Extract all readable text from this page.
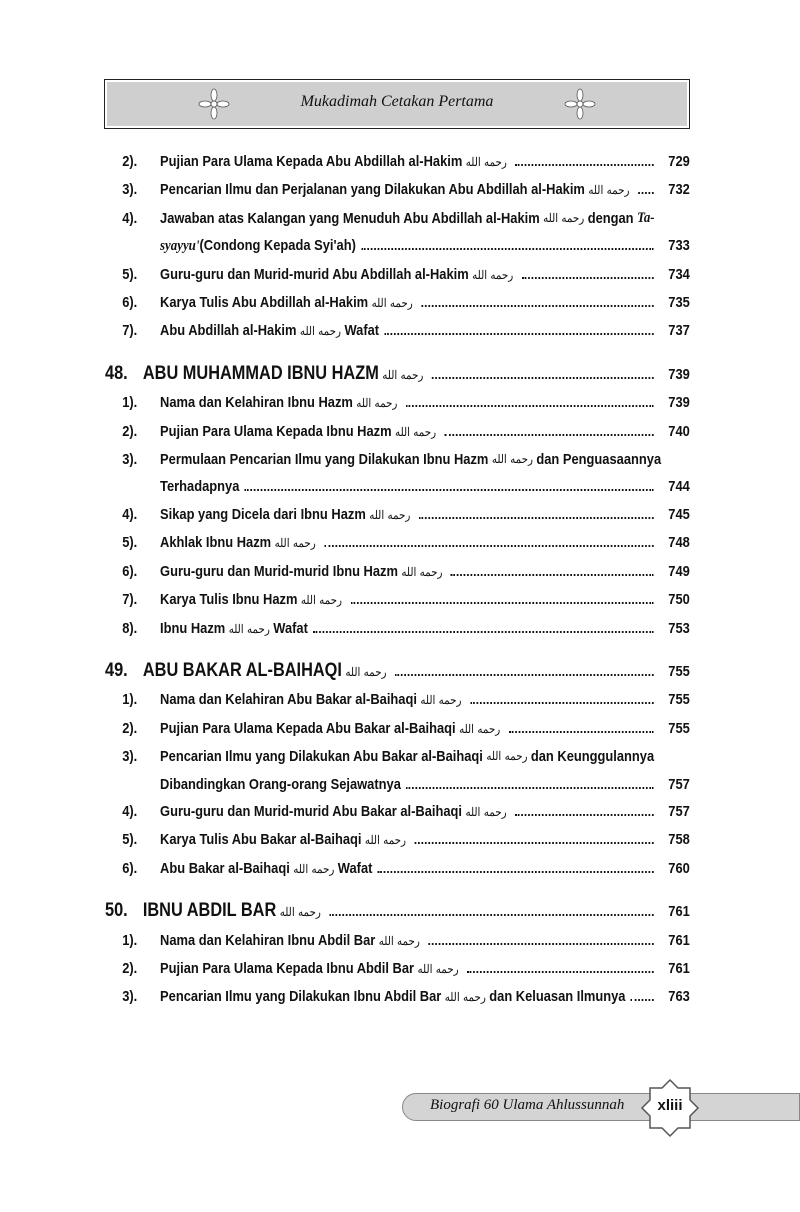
Mukadimah Cetakan Pertama
2).	Pujian Para Ulama Kepada Abu Abdillah al-Hakim رحمه الله	729
3).	Pencarian Ilmu dan Perjalanan yang Dilakukan Abu Abdillah al-Hakim رحمه الله	732
4).	Jawaban atas Kalangan yang Menuduh Abu Abdillah al-Hakim رحمه الله dengan
Ta-
syayyu'(Condong Kepada Syi'ah)	733
5).	Guru-guru dan Murid-murid Abu Abdillah al-Hakim رحمه الله	734
6).	Karya Tulis Abu Abdillah al-Hakim رحمه الله	735
7).	Abu Abdillah al-Hakim رحمه الله Wafat	737
48. ABU MUHAMMAD IBNU HAZM رحمه الله	739
1).	Nama dan Kelahiran Ibnu Hazm رحمه الله	739
2).	Pujian Para Ulama Kepada Ibnu Hazm رحمه الله	740
3).	Permulaan Pencarian Ilmu yang Dilakukan Ibnu Hazm رحمه الله dan Penguasaannya
Terhadapnya	744
4).	Sikap yang Dicela dari Ibnu Hazm رحمه الله	745
5).	Akhlak Ibnu Hazm رحمه الله	748
6).	Guru-guru dan Murid-murid Ibnu Hazm رحمه الله	749
7).	Karya Tulis Ibnu Hazm رحمه الله	750
8).	Ibnu Hazm رحمه الله Wafat	753
49. ABU BAKAR AL-BAIHAQI رحمه الله	755
1).	Nama dan Kelahiran Abu Bakar al-Baihaqi رحمه الله	755
2).	Pujian Para Ulama Kepada Abu Bakar al-Baihaqi رحمه الله	755
3).	Pencarian Ilmu yang Dilakukan Abu Bakar al-Baihaqi رحمه الله dan Keunggulannya
Dibandingkan Orang-orang Sejawatnya	757
4).	Guru-guru dan Murid-murid Abu Bakar al-Baihaqi رحمه الله	757
5).	Karya Tulis Abu Bakar al-Baihaqi رحمه الله	758
6).	Abu Bakar al-Baihaqi رحمه الله Wafat	760
50. IBNU ABDIL BAR رحمه الله	761
1).	Nama dan Kelahiran Ibnu Abdil Bar رحمه الله	761
2).	Pujian Para Ulama Kepada Ibnu Abdil Bar رحمه الله	761
3).	Pencarian Ilmu yang Dilakukan Ibnu Abdil Bar رحمه الله dan Keluasan Ilmunya	763
Biografi 60 Ulama Ahlussunnah	xliii
